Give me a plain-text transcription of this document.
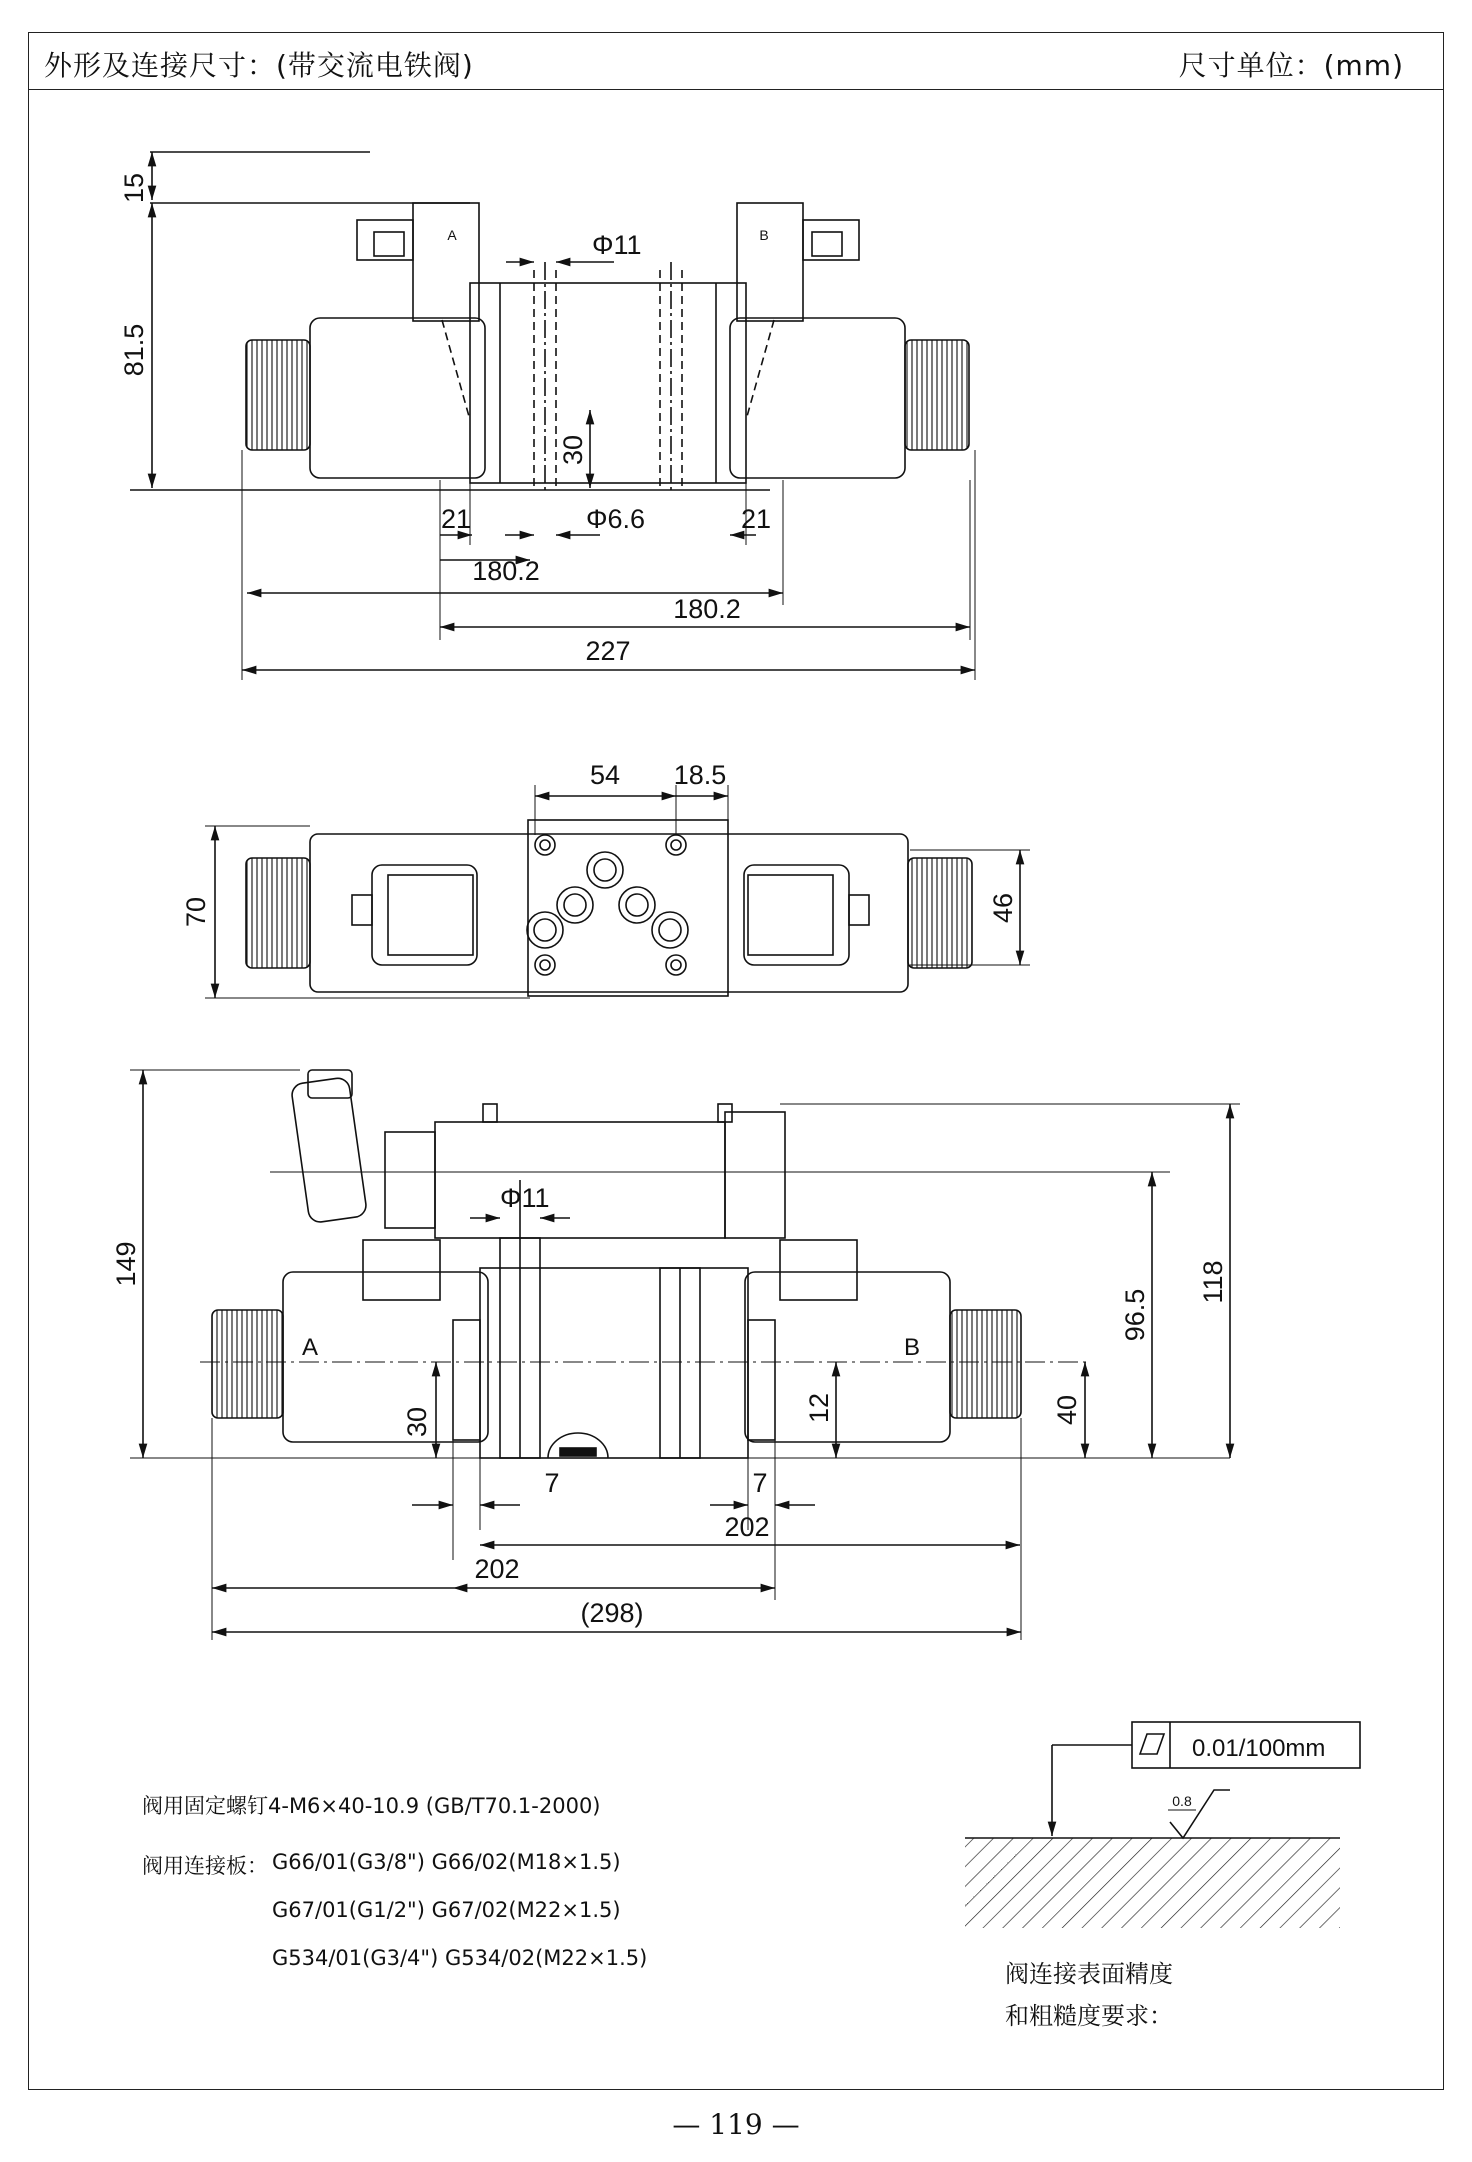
外形及连接尺寸：(带交流电铁阀)	尺寸单位：(mm)
15
81.5
Φ11
30
Φ6.6
21	21
180.2
180.2
227
A	B
54 18.5
70	46
149
Φ11
96.5
118
30	12	40
7	7
202
202
(298)
A	B
0.01/100mm
0.8
阀用固定螺钉4-M6×40-10.9 (GB/T70.1-2000)
阀用连接板： G66/01(G3/8") G66/02(M18×1.5)
G67/01(G1/2") G67/02(M22×1.5)
G534/01(G3/4") G534/02(M22×1.5)
阀连接表面精度
和粗糙度要求：
— 119 —
